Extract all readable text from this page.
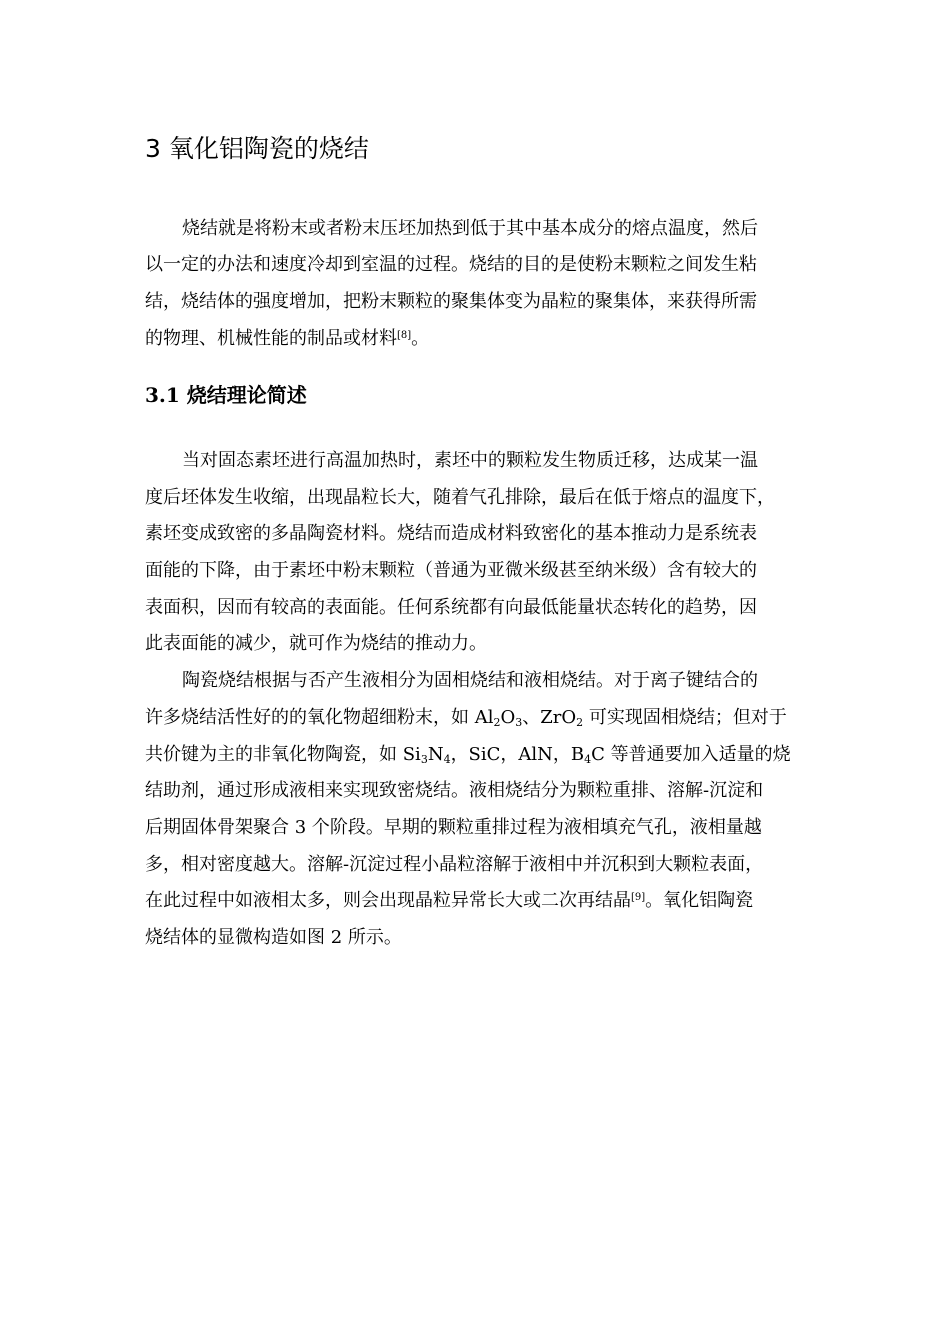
3 氧化铝陶瓷的烧结
烧结就是将粉末或者粉末压坯加热到低于其中基本成分的熔点温度，然后
以一定的办法和速度冷却到室温的过程。烧结的目的是使粉末颗粒之间发生粘
结，烧结体的强度增加，把粉末颗粒的聚集体变为晶粒的聚集体，来获得所需
的物理、机械性能的制品或材料[8]。
3.1 烧结理论简述
当对固态素坯进行高温加热时，素坯中的颗粒发生物质迁移，达成某一温
度后坯体发生收缩，出现晶粒长大，随着气孔排除，最后在低于熔点的温度下，
素坯变成致密的多晶陶瓷材料。烧结而造成材料致密化的基本推动力是系统表
面能的下降，由于素坯中粉末颗粒（普通为亚微米级甚至纳米级）含有较大的
表面积，因而有较高的表面能。任何系统都有向最低能量状态转化的趋势，因
此表面能的减少，就可作为烧结的推动力。
陶瓷烧结根据与否产生液相分为固相烧结和液相烧结。对于离子键结合的
许多烧结活性好的的氧化物超细粉末，如 $Al_2O_3$、ZrO$_2$ 可实现固相烧结；但对于
共价键为主的非氧化物陶瓷，如 $Si_3N_4$，SiC，AlN，$B_4C$ 等普通要加入适量的烧
结助剂，通过形成液相来实现致密烧结。液相烧结分为颗粒重排、溶解-沉淀和
后期固体骨架聚合 3 个阶段。早期的颗粒重排过程为液相填充气孔，液相量越
多，相对密度越大。溶解-沉淀过程小晶粒溶解于液相中并沉积到大颗粒表面，
在此过程中如液相太多，则会出现晶粒异常长大或二次再结晶[9]。氧化铝陶瓷
烧结体的显微构造如图 2 所示。
